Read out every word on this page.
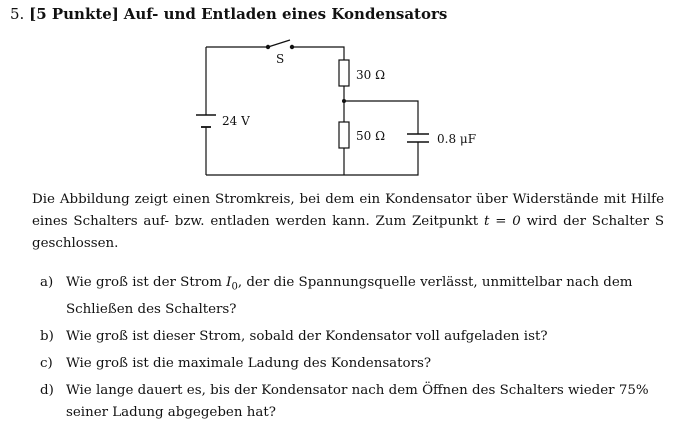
5. [5 Punkte] Auf- und Entladen eines Kondensators
S
24 V
30 Ω
50 Ω	0.8 μF
Die Abbildung zeigt einen Stromkreis, bei dem ein Kondensator über Widerstände mit Hilfe eines Schalters auf- bzw. entladen werden kann. Zum Zeitpunkt t = 0 wird der Schalter S geschlossen.
a) Wie groß ist der Strom $I_0$, der die Spannungsquelle verlässt, unmittelbar nach dem Schließen des Schalters?
b) Wie groß ist dieser Strom, sobald der Kondensator voll aufgeladen ist?
c) Wie groß ist die maximale Ladung des Kondensators?
d) Wie lange dauert es, bis der Kondensator nach dem Öffnen des Schalters wieder 75% seiner Ladung abgegeben hat?
